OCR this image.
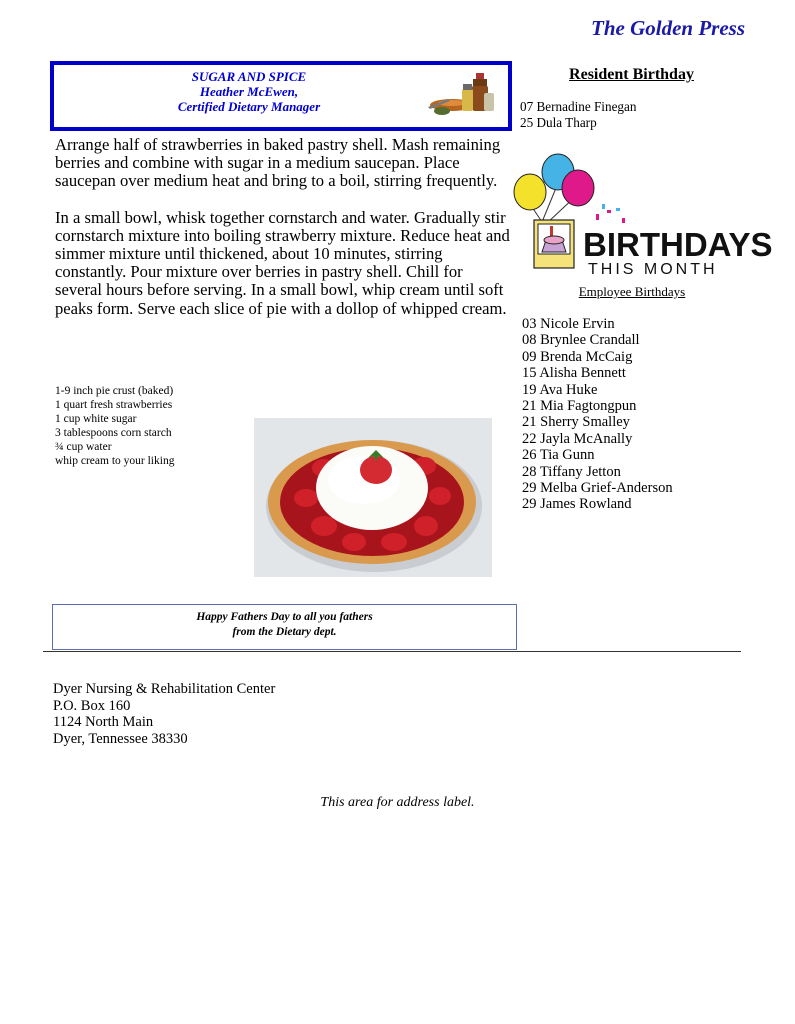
The Golden Press
SUGAR AND SPICE
Heather McEwen,
Certified Dietary Manager

Arrange half of strawberries in baked pastry shell. Mash remaining berries and combine with sugar in a medium saucepan. Place saucepan over medium heat and bring to a boil, stirring frequently.

In a small bowl, whisk together cornstarch and water. Gradually stir cornstarch mixture into boiling strawberry mixture. Reduce heat and simmer mixture until thickened, about 10 minutes, stirring constantly. Pour mixture over berries in pastry shell. Chill for several hours before serving. In a small bowl, whip cream until soft peaks form. Serve each slice of pie with a dollop of whipped cream.

1-9 inch pie crust (baked)
1 quart fresh strawberries
1 cup white sugar
3 tablespoons corn starch
¾ cup water
whip cream to your liking
Happy Fathers Day to all you fathers
from the Dietary dept.
Resident Birthday
07 Bernadine Finegan
25 Dula Tharp
BIRTHDAYS
THIS MONTH
Employee Birthdays
03 Nicole Ervin
08 Brynlee Crandall
09 Brenda McCaig
15 Alisha Bennett
19 Ava Huke
21 Mia Fagtongpun
21 Sherry Smalley
22 Jayla McAnally
26 Tia Gunn
28 Tiffany Jetton
29 Melba Grief-Anderson
29 James Rowland
Dyer Nursing & Rehabilitation Center
P.O. Box 160
1124 North Main
Dyer, Tennessee 38330
This area for address label.
